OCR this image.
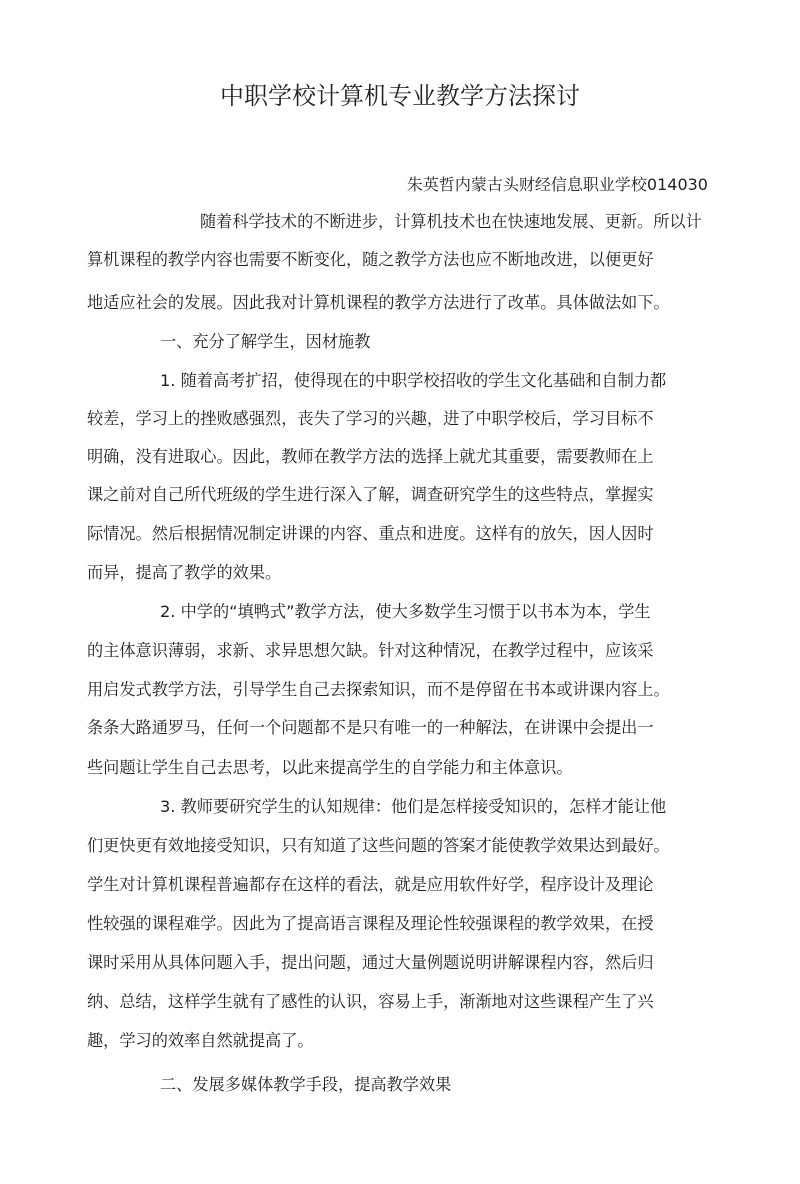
中职学校计算机专业教学方法探讨
朱英哲内蒙古头财经信息职业学校014030
随着科学技术的不断进步，计算机技术也在快速地发展、更新。所以计
算机课程的教学内容也需要不断变化，随之教学方法也应不断地改进，以便更好
地适应社会的发展。因此我对计算机课程的教学方法进行了改革。具体做法如下。
一、充分了解学生，因材施教
1. 随着高考扩招，使得现在的中职学校招收的学生文化基础和自制力都
较差，学习上的挫败感强烈，丧失了学习的兴趣，进了中职学校后，学习目标不
明确，没有进取心。因此，教师在教学方法的选择上就尤其重要，需要教师在上
课之前对自己所代班级的学生进行深入了解，调查研究学生的这些特点，掌握实
际情况。然后根据情况制定讲课的内容、重点和进度。这样有的放矢，因人因时
而异，提高了教学的效果。
2. 中学的“填鸭式”教学方法，使大多数学生习惯于以书本为本，学生
的主体意识薄弱，求新、求异思想欠缺。针对这种情况，在教学过程中，应该采
用启发式教学方法，引导学生自己去探索知识，而不是停留在书本或讲课内容上。
条条大路通罗马，任何一个问题都不是只有唯一的一种解法，在讲课中会提出一
些问题让学生自己去思考，以此来提高学生的自学能力和主体意识。
3. 教师要研究学生的认知规律：他们是怎样接受知识的，怎样才能让他
们更快更有效地接受知识，只有知道了这些问题的答案才能使教学效果达到最好。
学生对计算机课程普遍都存在这样的看法，就是应用软件好学，程序设计及理论
性较强的课程难学。因此为了提高语言课程及理论性较强课程的教学效果，在授
课时采用从具体问题入手，提出问题，通过大量例题说明讲解课程内容，然后归
纳、总结，这样学生就有了感性的认识，容易上手，渐渐地对这些课程产生了兴
趣，学习的效率自然就提高了。
二、发展多媒体教学手段，提高教学效果
